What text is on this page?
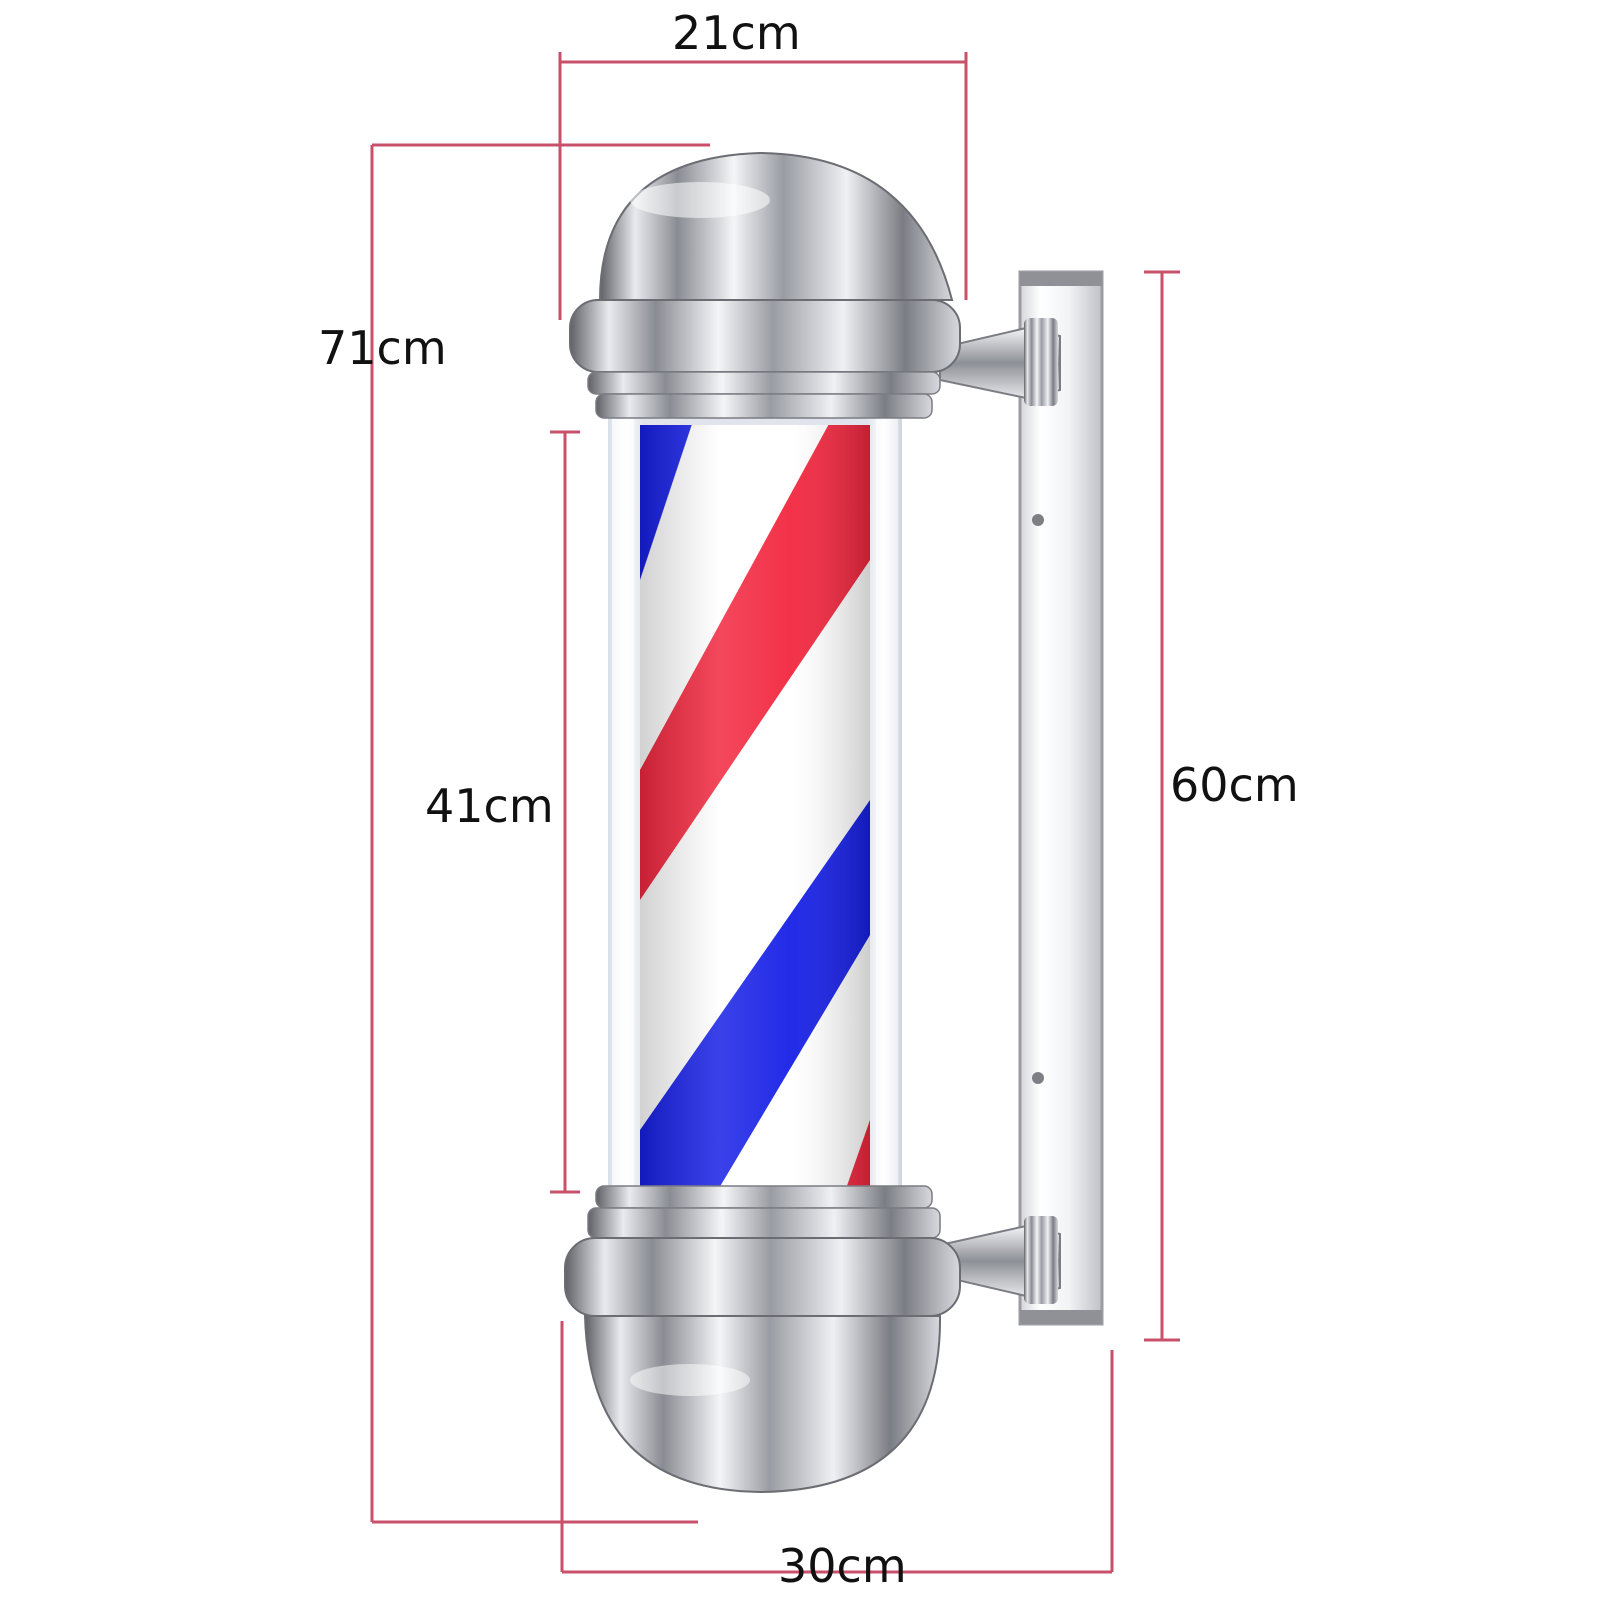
21cm
71cm
41cm	60cm
30cm
